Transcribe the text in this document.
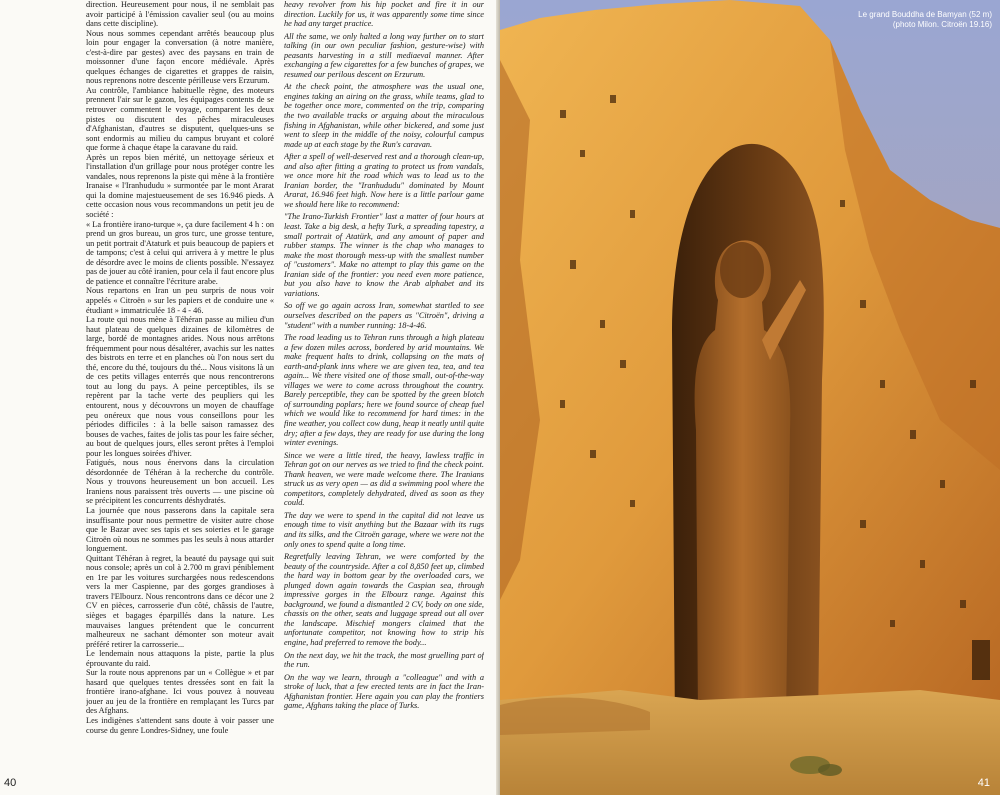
direction. Heureusement pour nous, il ne semblait pas avoir participé à l'émission cavalier seul (ou au moins dans cette discipline).

Nous nous sommes cependant arrêtés beaucoup plus loin pour engager la conversation (à notre manière, c'est-à-dire par gestes) avec des paysans en train de moissonner d'une façon encore médiévale. Après quelques échanges de cigarettes et grappes de raisin, nous reprenons notre descente périlleuse vers Erzurum.

Au contrôle, l'ambiance habituelle règne, des moteurs prennent l'air sur le gazon, les équipages contents de se retrouver commentent le voyage, comparent les deux pistes ou discutent des pêches miraculeuses d'Afghanistan, d'autres se disputent, quelques-uns se sont endormis au milieu du campus bruyant et coloré que forme à chaque étape la caravane du raid.

Après un repos bien mérité, un nettoyage sérieux et l'installation d'un grillage pour nous protéger contre les vandales, nous reprenons la piste qui mène à la frontière Iranaise « l'Iranhududu » surmontée par le mont Ararat qui la domine majestueusement de ses 16.946 pieds. A cette occasion nous vous recommandons un petit jeu de société :

« La frontière irano-turque », ça dure facilement 4 h : on prend un gros bureau, un gros turc, une grosse tenture, un petit portrait d'Ataturk et puis beaucoup de papiers et de tampons; c'est à celui qui arrivera à y mettre le plus de désordre avec le moins de clients possible. N'essayez pas de jouer au côté iranien, pour cela il faut encore plus de patience et connaître l'écriture arabe.

Nous repartons en Iran un peu surpris de nous voir appelés « Citroën » sur les papiers et de conduire une « étudiant » immatriculée 18 - 4 - 46.

La route qui nous mène à Téhéran passe au milieu d'un haut plateau de quelques dizaines de kilomètres de large, bordé de montagnes arides. Nous nous arrêtons fréquemment pour nous désaltérer, avachis sur les nattes des bistrots en terre et en planches où l'on nous sert du thé, encore du thé, toujours du thé... Nous visitons là un de ces petits villages enterrés que nous rencontrerons tout au long du pays. A peine perceptibles, ils se repèrent par la tache verte des peupliers qui les entourent, nous y découvrons un moyen de chauffage peu onéreux que nous vous conseillons pour les périodes difficiles : à la belle saison ramassez des bouses de vaches, faites de jolis tas pour les faire sécher, au bout de quelques jours, elles seront prêtes à l'emploi pour les longues soirées d'hiver.

Fatigués, nous nous énervons dans la circulation désordonnée de Téhéran à la recherche du contrôle. Nous y trouvons heureusement un bon accueil. Les Iraniens nous paraissent très ouverts — une piscine où se précipitent les concurrents déshydratés.

La journée que nous passerons dans la capitale sera insuffisante pour nous permettre de visiter autre chose que le Bazar avec ses tapis et ses soieries et le garage Citroën où nous ne sommes pas les seuls à nous attarder longuement.

Quittant Téhéran à regret, la beauté du paysage qui suit nous console; après un col à 2.700 m gravi péniblement en 1re par les voitures surchargées nous redescendons vers la mer Caspienne, par des gorges grandioses à travers l'Elbourz. Nous rencontrons dans ce décor une 2 CV en pièces, carrosserie d'un côté, châssis de l'autre, sièges et bagages éparpillés dans la nature. Les mauvaises langues prétendent que le concurrent malheureux ne sachant démonter son moteur avait préféré retirer la carrosserie...

Le lendemain nous attaquons la piste, partie la plus éprouvante du raid.

Sur la route nous apprenons par un « Collègue » et par hasard que quelques tentes dressées sont en fait la frontière irano-afghane. Ici vous pouvez à nouveau jouer au jeu de la frontière en remplaçant les Turcs par des Afghans.

Les indigènes s'attendent sans doute à voir passer une course du genre Londres-Sidney, une foule

heavy revolver from his hip pocket and fire it in our direction. Luckily for us, it was apparently some time since he had any target practice.

All the same, we only halted a long way further on to start talking (in our own peculiar fashion, gesture-wise) with peasants harvesting in a still mediaeval manner. After exchanging a few cigarettes for a few bunches of grapes, we resumed our perilous descent on Erzurum.

At the check point, the atmosphere was the usual one, engines taking an airing on the grass, while teams, glad to be together once more, commented on the trip, comparing the two available tracks or arguing about the miraculous fishing in Afghanistan, while other bickered, and some just went to sleep in the middle of the noisy, colourful campus made up at each stage by the Run's caravan.

After a spell of well-deserved rest and a thorough clean-up, and also after fitting a grating to protect us from vandals, we once more hit the road which was to lead us to the Iranian border, the "Iranhududu" dominated by Mount Ararat, 16.946 feet high. Now here is a little parlour game we should here like to recommend:

"The Irano-Turkish Frontier" last a matter of four hours at least. Take a big desk, a hefty Turk, a spreading tapestry, a small portrait of Atatürk, and any amount of paper and rubber stamps. The winner is the chap who manages to make the most thorough mess-up with the smallest number of "customers". Make no attempt to play this game on the Iranian side of the frontier: you need even more patience, but you also have to know the Arab alphabet and its variations.

So off we go again across Iran, somewhat startled to see ourselves described on the papers as "Citroën", driving a "student" with a number running: 18-4-46.

The road leading us to Tehran runs through a high plateau a few dozen miles across, bordered by arid mountains. We make frequent halts to drink, collapsing on the mats of earth-and-plank inns where we are given tea, tea, and tea again... We there visited one of those small, out-of-the-way villages we were to come across throughout the country. Barely perceptible, they can be spotted by the green blotch of surrounding poplars; here we found source of cheap fuel which we would like to recommend for hard times: in the fine weather, you collect cow dung, heap it neatly until quite dry; after a few days, they are ready for use during the long winter evenings.

Since we were a little tired, the heavy, lawless traffic in Tehran got on our nerves as we tried to find the check point. Thank heaven, we were made welcome there. The Iranians struck us as very open — as did a swimming pool where the competitors, completely dehydrated, dived as soon as they could.

The day we were to spend in the capital did not leave us enough time to visit anything but the Bazaar with its rugs and its silks, and the Citroën garage, where we were not the only ones to spend quite a long time.

Regretfully leaving Tehran, we were comforted by the beauty of the countryside. After a col 8,850 feet up, climbed the hard way in bottom gear by the overloaded cars, we plunged down again towards the Caspian sea, through impressive gorges in the Elbourz range. Against this background, we found a dismantled 2 CV, body on one side, chassis on the other, seats and luggage spread out all over the landscape. Mischief mongers claimed that the unfortunate competitor, not knowing how to strip his engine, had preferred to remove the body...

On the next day, we hit the track, the most gruelling part of the run.

On the way we learn, through a "colleague" and with a stroke of luck, that a few erected tents are in fact the Iran-Afghanistan frontier. Here again you can play the frontiers game, Afghans taking the place of Turks.

40
Le grand Bouddha de Bamyan (52 m)
(photo Milon. Citroën 19.16)
41
